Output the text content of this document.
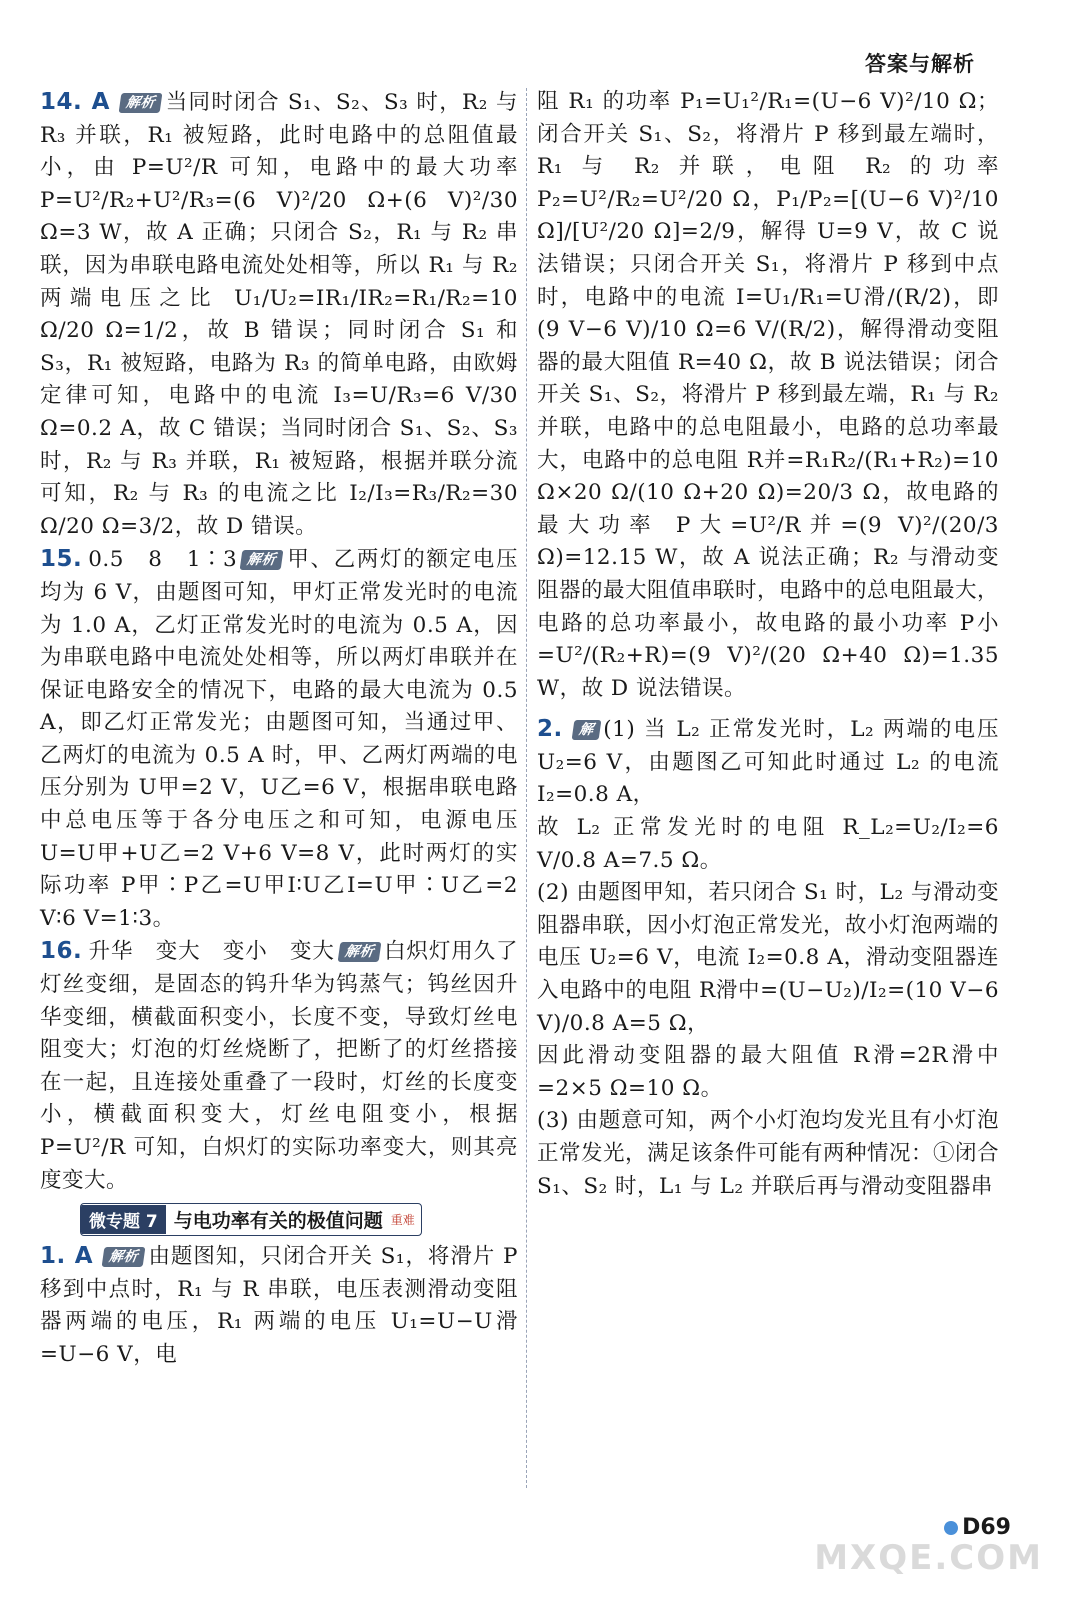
答案与解析

14. A 解析 当同时闭合 S₁、S₂、S₃ 时，R₂ 与 R₃ 并联，R₁ 被短路，此时电路中的总阻值最小，由 P=U²/R 可知，电路中的最大功率 P=U²/R₂+U²/R₃=(6 V)²/20 Ω+(6 V)²/30 Ω=3 W，故 A 正确；只闭合 S₂，R₁ 与 R₂ 串联，因为串联电路电流处处相等，所以 R₁ 与 R₂ 两端电压之比 U₁/U₂=IR₁/IR₂=R₁/R₂=10 Ω/20 Ω=1/2，故 B 错误；同时闭合 S₁ 和 S₃，R₁ 被短路，电路为 R₃ 的简单电路，由欧姆定律可知，电路中的电流 I₃=U/R₃=6 V/30 Ω=0.2 A，故 C 错误；当同时闭合 S₁、S₂、S₃ 时，R₂ 与 R₃ 并联，R₁ 被短路，根据并联分流可知，R₂ 与 R₃ 的电流之比 I₂/I₃=R₃/R₂=30 Ω/20 Ω=3/2，故 D 错误。

15. 0.5　8　1∶3 解析 甲、乙两灯的额定电压均为 6 V，由题图可知，甲灯正常发光时的电流为 1.0 A，乙灯正常发光时的电流为 0.5 A，因为串联电路中电流处处相等，所以两灯串联并在保证电路安全的情况下，电路的最大电流为 0.5 A，即乙灯正常发光；由题图可知，当通过甲、乙两灯的电流为 0.5 A 时，甲、乙两灯两端的电压分别为 U甲=2 V，U乙=6 V，根据串联电路中总电压等于各分电压之和可知，电源电压 U=U甲+U乙=2 V+6 V=8 V，此时两灯的实际功率 P甲∶P乙=U甲I∶U乙I=U甲∶U乙=2 V∶6 V=1∶3。

16. 升华　变大　变小　变大 解析 白炽灯用久了灯丝变细，是固态的钨升华为钨蒸气；钨丝因升华变细，横截面积变小，长度不变，导致灯丝电阻变大；灯泡的灯丝烧断了，把断了的灯丝搭接在一起，且连接处重叠了一段时，灯丝的长度变小，横截面积变大，灯丝电阻变小，根据 P=U²/R 可知，白炽灯的实际功率变大，则其亮度变大。

微专题 7 与电功率有关的极值问题 重难

1. A 解析 由题图知，只闭合开关 S₁，将滑片 P 移到中点时，R₁ 与 R 串联，电压表测滑动变阻器两端的电压，R₁ 两端的电压 U₁=U−U滑=U−6 V，电

阻 R₁ 的功率 P₁=U₁²/R₁=(U−6 V)²/10 Ω；闭合开关 S₁、S₂，将滑片 P 移到最左端时，R₁ 与 R₂ 并联，电阻 R₂ 的功率 P₂=U²/R₂=U²/20 Ω，P₁/P₂=[(U−6 V)²/10 Ω]/[U²/20 Ω]=2/9，解得 U=9 V，故 C 说法错误；只闭合开关 S₁，将滑片 P 移到中点时，电路中的电流 I=U₁/R₁=U滑/(R/2)，即 (9 V−6 V)/10 Ω=6 V/(R/2)，解得滑动变阻器的最大阻值 R=40 Ω，故 B 说法错误；闭合开关 S₁、S₂，将滑片 P 移到最左端，R₁ 与 R₂ 并联，电路中的总电阻最小，电路的总功率最大，电路中的总电阻 R并=R₁R₂/(R₁+R₂)=10 Ω×20 Ω/(10 Ω+20 Ω)=20/3 Ω，故电路的最大功率 P大=U²/R并=(9 V)²/(20/3 Ω)=12.15 W，故 A 说法正确；R₂ 与滑动变阻器的最大阻值串联时，电路中的总电阻最大，电路的总功率最小，故电路的最小功率 P小=U²/(R₂+R)=(9 V)²/(20 Ω+40 Ω)=1.35 W，故 D 说法错误。

2. 解 (1) 当 L₂ 正常发光时，L₂ 两端的电压 U₂=6 V，由题图乙可知此时通过 L₂ 的电流 I₂=0.8 A，

故 L₂ 正常发光时的电阻 R_L₂=U₂/I₂=6 V/0.8 A=7.5 Ω。

(2) 由题图甲知，若只闭合 S₁ 时，L₂ 与滑动变阻器串联，因小灯泡正常发光，故小灯泡两端的电压 U₂=6 V，电流 I₂=0.8 A，滑动变阻器连入电路中的电阻 R滑中=(U−U₂)/I₂=(10 V−6 V)/0.8 A=5 Ω，

因此滑动变阻器的最大阻值 R滑=2R滑中=2×5 Ω=10 Ω。

(3) 由题意可知，两个小灯泡均发光且有小灯泡正常发光，满足该条件可能有两种情况：①闭合 S₁、S₂ 时，L₁ 与 L₂ 并联后再与滑动变阻器串

D69
MXQE.COM
